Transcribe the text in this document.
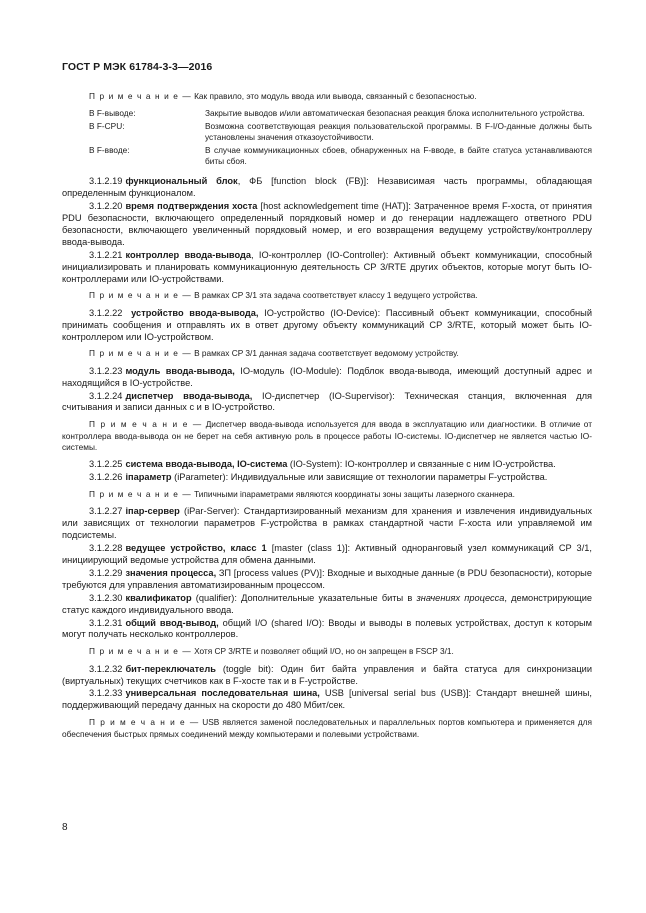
ГОСТ Р МЭК 61784-3-3—2016

П р и м е ч а н и е — Как правило, это модуль ввода или вывода, связанный с безопасностью.

В F-выводе:	Закрытие выводов и/или автоматическая безопасная реакция блока исполнительного устройства.
В F-CPU:	Возможна соответствующая реакция пользовательской программы. В F-I/O-данные должны быть установлены значения отказоустойчивости.
В F-вводе:	В случае коммуникационных сбоев, обнаруженных на F-вводе, в байте статуса устанавливаются биты сбоя.

3.1.2.19 функциональный блок, ФБ [function block (FB)]: Независимая часть программы, обладающая определенным функционалом.

3.1.2.20 время подтверждения хоста [host acknowledgement time (HAT)]: Затраченное время F-хоста, от принятия PDU безопасности, включающего определенный порядковый номер и до генерации надлежащего ответного PDU безопасности, включающего увеличенный порядковый номер, и его возвращения ведущему устройству/контроллеру ввода-вывода.

3.1.2.21 контроллер ввода-вывода, IO-контроллер (IO-Controller): Активный объект коммуникации, способный инициализировать и планировать коммуникационную деятельность CP 3/RTE других объектов, которые могут быть IO-контроллерами или IO-устройствами.

П р и м е ч а н и е — В рамках CP 3/1 эта задача соответствует классу 1 ведущего устройства.

3.1.2.22 устройство ввода-вывода, IO-устройство (IO-Device): Пассивный объект коммуникации, способный принимать сообщения и отправлять их в ответ другому объекту коммуникаций CP 3/RTE, который может быть IO-контроллером или IO-устройством.

П р и м е ч а н и е — В рамках CP 3/1 данная задача соответствует ведомому устройству.

3.1.2.23 модуль ввода-вывода, IO-модуль (IO-Module): Подблок ввода-вывода, имеющий доступный адрес и находящийся в IO-устройстве.

3.1.2.24 диспетчер ввода-вывода, IO-диспетчер (IO-Supervisor): Техническая станция, включенная для считывания и записи данных с и в IO-устройство.

П р и м е ч а н и е — Диспетчер ввода-вывода используется для ввода в эксплуатацию или диагностики. В отличие от контроллера ввода-вывода он не берет на себя активную роль в процессе работы IO-системы. IO-диспетчер не является частью IO-системы.

3.1.2.25 система ввода-вывода, IO-система (IO-System): IO-контроллер и связанные с ним IO-устройства.

3.1.2.26 iпараметр (iParameter): Индивидуальные или зависящие от технологии параметры F-устройства.

П р и м е ч а н и е — Типичными iпараметрами являются координаты зоны защиты лазерного сканнера.

3.1.2.27 iпар-сервер (iPar-Server): Стандартизированный механизм для хранения и извлечения индивидуальных или зависящих от технологии параметров F-устройства в рамках стандартной части F-хоста или управляемой им подсистемы.

3.1.2.28 ведущее устройство, класс 1 [master (class 1)]: Активный одноранговый узел коммуникаций CP 3/1, инициирующий ведомые устройства для обмена данными.

3.1.2.29 значения процесса, ЗП [process values (PV)]: Входные и выходные данные (в PDU безопасности), которые требуются для управления автоматизированным процессом.

3.1.2.30 квалификатор (qualifier): Дополнительные указательные биты в значениях процесса, демонстрирующие статус каждого индивидуального ввода.

3.1.2.31 общий ввод-вывод, общий I/O (shared I/O): Вводы и выводы в полевых устройствах, доступ к которым могут получать несколько контроллеров.

П р и м е ч а н и е — Хотя CP 3/RTE и позволяет общий I/O, но он запрещен в FSCP 3/1.

3.1.2.32 бит-переключатель (toggle bit): Один бит байта управления и байта статуса для синхронизации (виртуальных) текущих счетчиков как в F-хосте так и в F-устройстве.

3.1.2.33 универсальная последовательная шина, USB [universal serial bus (USB)]: Стандарт внешней шины, поддерживающий передачу данных на скорости до 480 Мбит/сек.

П р и м е ч а н и е — USB является заменой последовательных и параллельных портов компьютера и применяется для обеспечения быстрых прямых соединений между компьютерами и полевыми устройствами.

8
